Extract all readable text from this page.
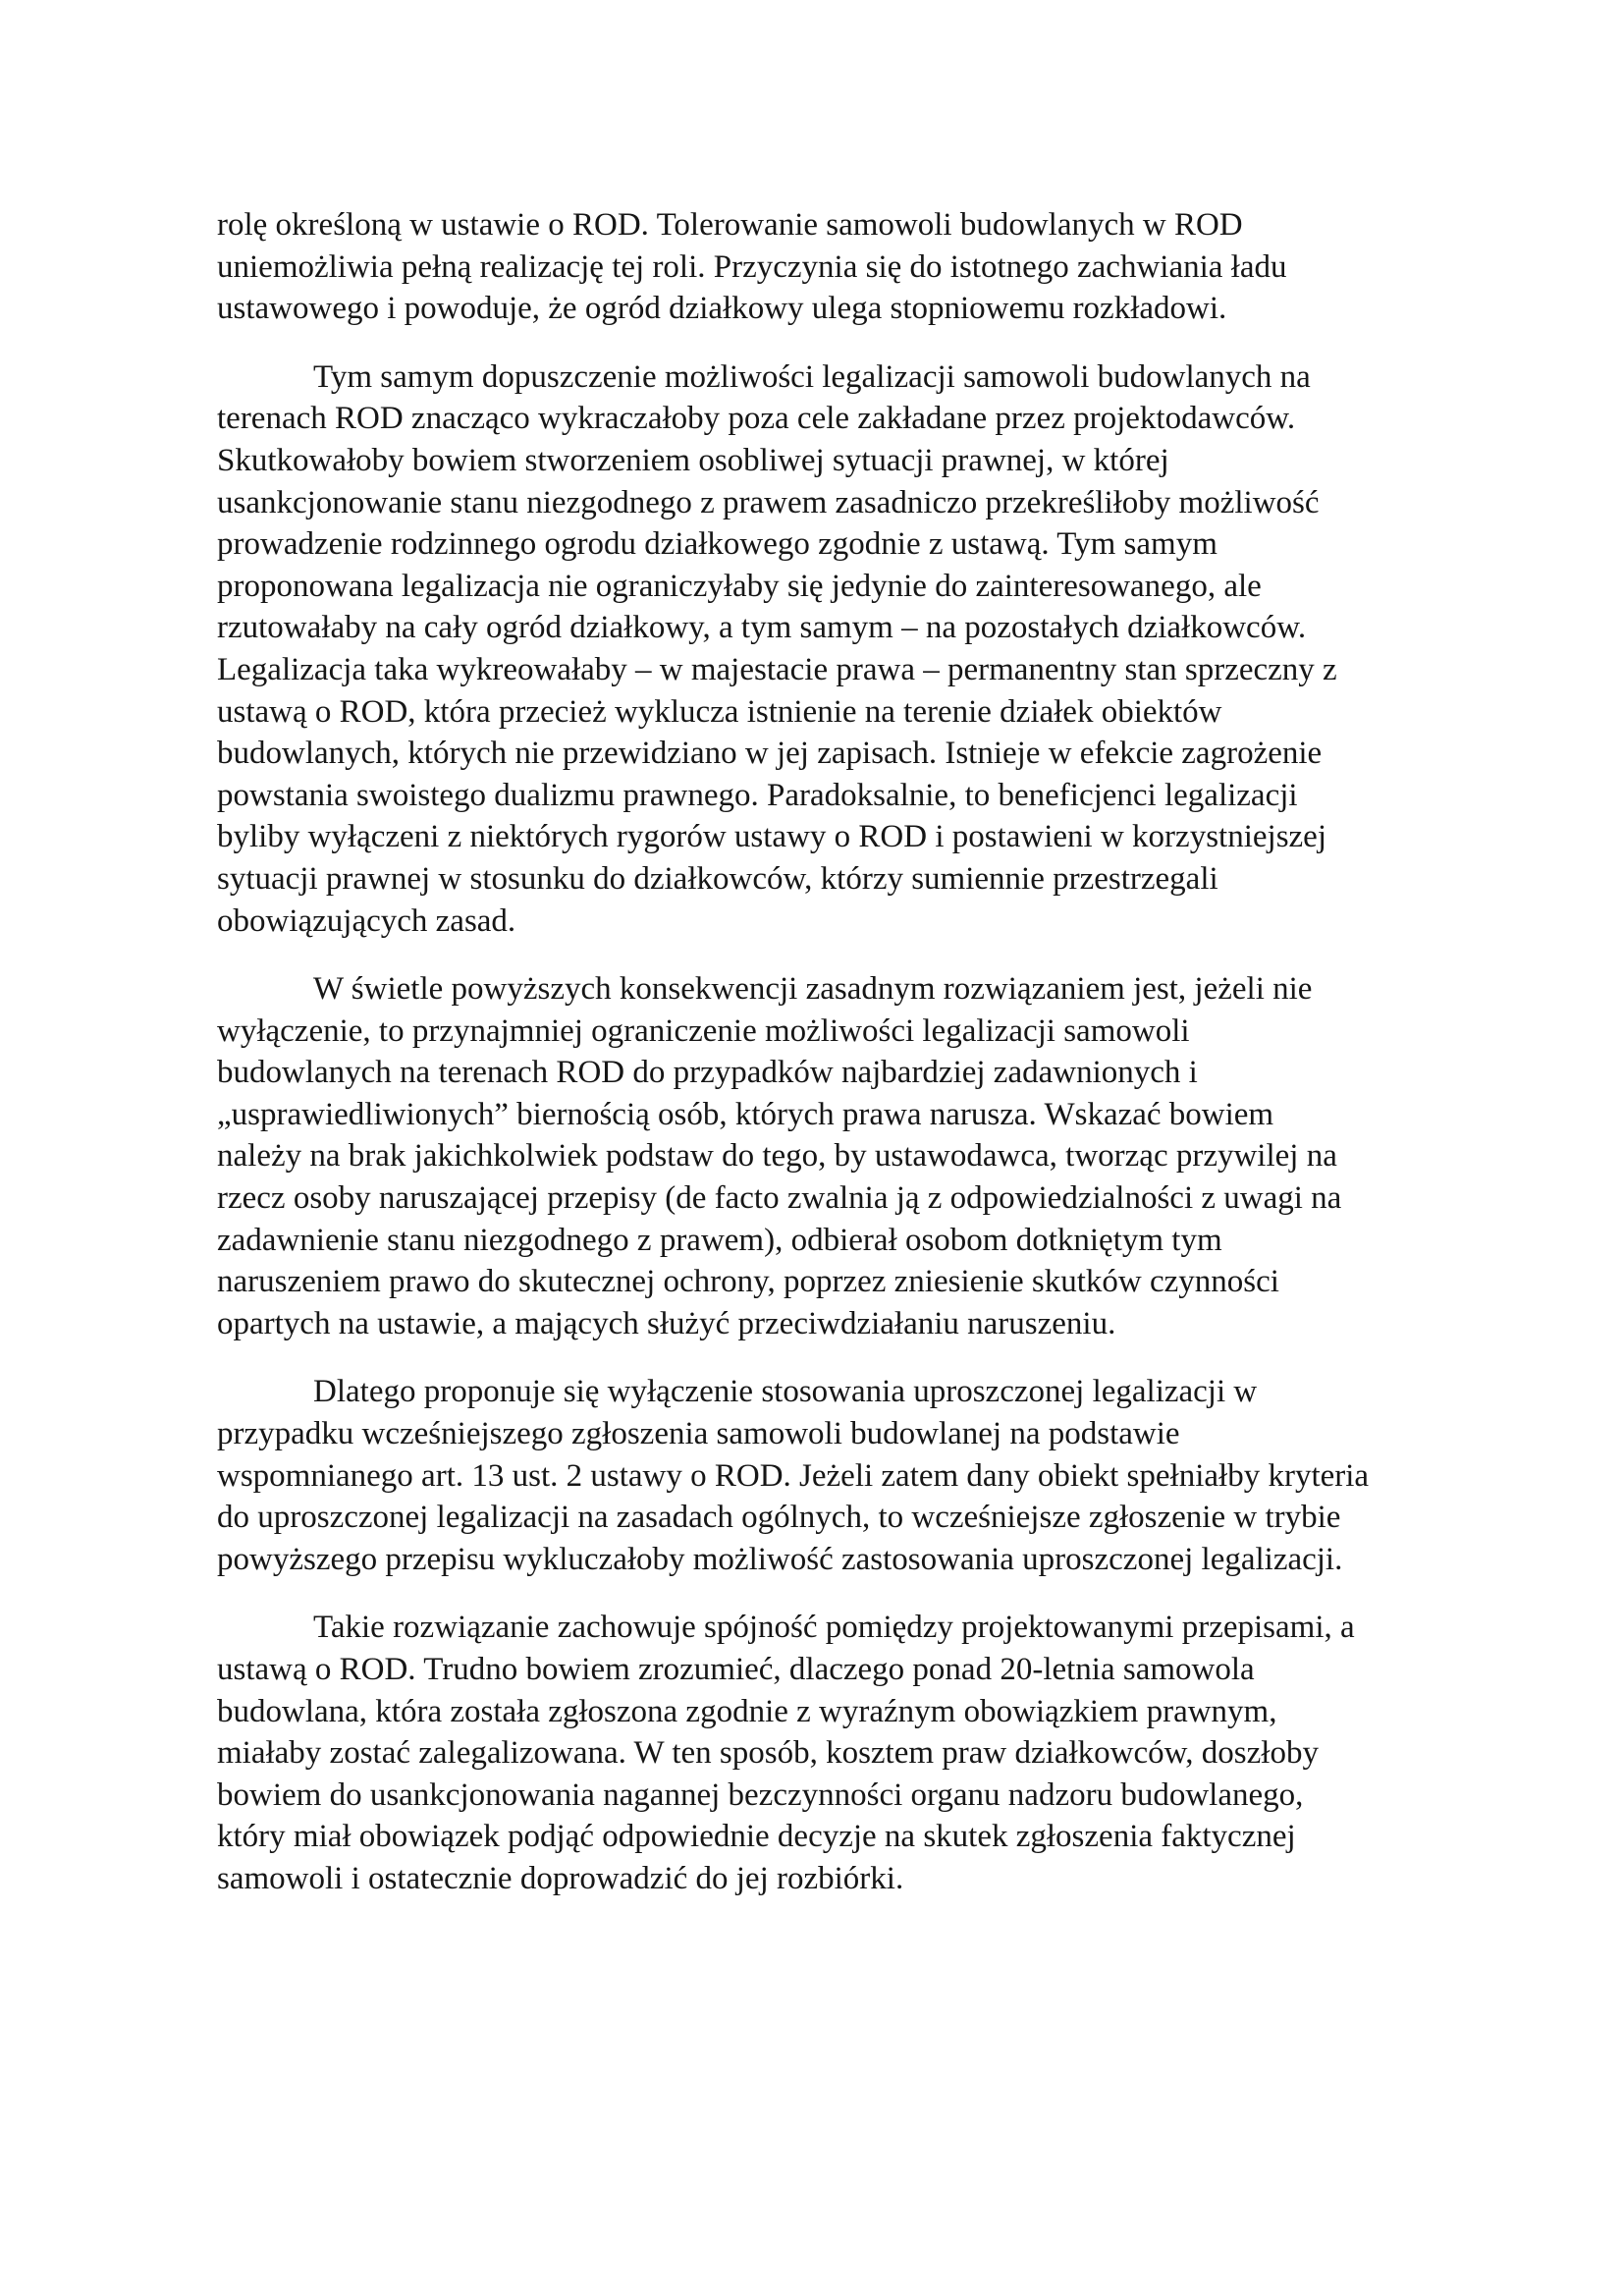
rolę określoną w ustawie o ROD. Tolerowanie samowoli budowlanych w ROD
uniemożliwia pełną realizację tej roli. Przyczynia się do istotnego zachwiania ładu
ustawowego i powoduje, że ogród działkowy ulega stopniowemu rozkładowi.
Tym samym dopuszczenie możliwości legalizacji samowoli budowlanych na
terenach ROD znacząco wykraczałoby poza cele zakładane przez projektodawców.
Skutkowałoby bowiem stworzeniem osobliwej sytuacji prawnej, w której
usankcjonowanie stanu niezgodnego z prawem zasadniczo przekreśliłoby możliwość
prowadzenie rodzinnego ogrodu działkowego zgodnie z ustawą. Tym samym
proponowana legalizacja nie ograniczyłaby się jedynie do zainteresowanego, ale
rzutowałaby na cały ogród działkowy, a tym samym – na pozostałych działkowców.
Legalizacja taka wykreowałaby – w majestacie prawa – permanentny stan sprzeczny z
ustawą o ROD, która przecież wyklucza istnienie na terenie działek obiektów
budowlanych, których nie przewidziano w jej zapisach. Istnieje w efekcie zagrożenie
powstania swoistego dualizmu prawnego. Paradoksalnie, to beneficjenci legalizacji
byliby wyłączeni z niektórych rygorów ustawy o ROD i postawieni w korzystniejszej
sytuacji prawnej w stosunku do działkowców, którzy sumiennie przestrzegali
obowiązujących zasad.
W świetle powyższych konsekwencji zasadnym rozwiązaniem jest, jeżeli nie
wyłączenie, to przynajmniej ograniczenie możliwości legalizacji samowoli
budowlanych na terenach ROD do przypadków najbardziej zadawnionych i
„usprawiedliwionych” biernością osób, których prawa narusza. Wskazać bowiem
należy na brak jakichkolwiek podstaw do tego, by ustawodawca, tworząc przywilej na
rzecz osoby naruszającej przepisy (de facto zwalnia ją z odpowiedzialności z uwagi na
zadawnienie stanu niezgodnego z prawem), odbierał osobom dotkniętym tym
naruszeniem prawo do skutecznej ochrony, poprzez zniesienie skutków czynności
opartych na ustawie, a mających służyć przeciwdziałaniu naruszeniu.
Dlatego proponuje się wyłączenie stosowania uproszczonej legalizacji w
przypadku wcześniejszego zgłoszenia samowoli budowlanej na podstawie
wspomnianego art. 13 ust. 2 ustawy o ROD. Jeżeli zatem dany obiekt spełniałby kryteria
do uproszczonej legalizacji na zasadach ogólnych, to wcześniejsze zgłoszenie w trybie
powyższego przepisu wykluczałoby możliwość zastosowania uproszczonej legalizacji.
Takie rozwiązanie zachowuje spójność pomiędzy projektowanymi przepisami, a
ustawą o ROD. Trudno bowiem zrozumieć, dlaczego ponad 20-letnia samowola
budowlana, która została zgłoszona zgodnie z wyraźnym obowiązkiem prawnym,
miałaby zostać zalegalizowana. W ten sposób, kosztem praw działkowców, doszłoby
bowiem do usankcjonowania nagannej bezczynności organu nadzoru budowlanego,
który miał obowiązek podjąć odpowiednie decyzje na skutek zgłoszenia faktycznej
samowoli i ostatecznie doprowadzić do jej rozbiórki.
